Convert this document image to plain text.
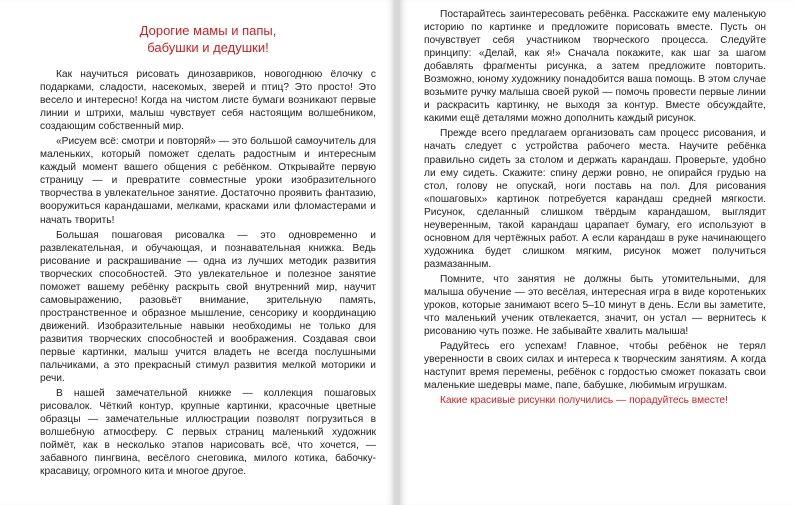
Дорогие мамы и папы,
бабушки и дедушки!

Как научиться рисовать динозавриков, новогоднюю ёлочку с подарками, сладости, насекомых, зверей и птиц? Это просто! Это весело и интересно! Когда на чистом листе бумаги возникают первые линии и штрихи, малыш чувствует себя настоящим волшебником, создающим собственный мир.

«Рисуем всё: смотри и повторяй» — это большой самоучитель для маленьких, который поможет сделать радостным и интересным каждый момент вашего общения с ребёнком. Открывайте первую страницу — и превратите совместные уроки изобразительного творчества в увлекательное занятие. Достаточно проявить фантазию, вооружиться карандашами, мелками, красками или фломастерами и начать творить!

Большая пошаговая рисовалка — это одновременно и развлекательная, и обучающая, и познавательная книжка. Ведь рисование и раскрашивание — одна из лучших методик развития творческих способностей. Это увлекательное и полезное занятие поможет вашему ребёнку раскрыть свой внутренний мир, научит самовыражению, разовьёт внимание, зрительную память, пространственное и образное мышление, сенсорику и координацию движений. Изобразительные навыки необходимы не только для развития творческих способностей и воображения. Создавая свои первые картинки, малыш учится владеть не всегда послушными пальчиками, а это прекрасный стимул развития мелкой моторики и речи.

В нашей замечательной книжке — коллекция пошаговых рисовалок. Чёткий контур, крупные картинки, красочные цветные образцы — замечательные иллюстрации позволят погрузиться в волшебную атмосферу. С первых страниц маленький художник поймёт, как в несколько этапов нарисовать всё, что хочется, — забавного пингвина, весёлого снеговика, милого котика, бабочку-красавицу, огромного кита и многое другое.

Постарайтесь заинтересовать ребёнка. Расскажите ему маленькую историю по картинке и предложите порисовать вместе. Пусть он почувствует себя участником творческого процесса. Следуйте принципу: «Делай, как я!» Сначала покажите, как шаг за шагом добавлять фрагменты рисунка, а затем предложите повторить. Возможно, юному художнику понадобится ваша помощь. В этом случае возьмите ручку малыша своей рукой — помочь провести первые линии и раскрасить картинку, не выходя за контур. Вместе обсуждайте, какими ещё деталями можно дополнить каждый рисунок.

Прежде всего предлагаем организовать сам процесс рисования, и начать следует с устройства рабочего места. Научите ребёнка правильно сидеть за столом и держать карандаш. Проверьте, удобно ли ему сидеть. Скажите: спину держи ровно, не опирайся грудью на стол, голову не опускай, ноги поставь на пол. Для рисования «пошаговых» картинок потребуется карандаш средней мягкости. Рисунок, сделанный слишком твёрдым карандашом, выглядит неуверенным, такой карандаш царапает бумагу, его используют в основном для чертёжных работ. А если карандаш в руке начинающего художника будет слишком мягким, рисунок может получиться размазанным.

Помните, что занятия не должны быть утомительными, для малыша обучение — это весёлая, интересная игра в виде коротеньких уроков, которые занимают всего 5–10 минут в день. Если вы заметите, что маленький ученик отвлекается, значит, он устал — вернитесь к рисованию чуть позже. Не забывайте хвалить малыша!

Радуйтесь его успехам! Главное, чтобы ребёнок не терял уверенности в своих силах и интереса к творческим занятиям. А когда наступит время перемены, ребёнок с гордостью сможет показать свои маленькие шедевры маме, папе, бабушке, любимым игрушкам.

Какие красивые рисунки получились — порадуйтесь вместе!
